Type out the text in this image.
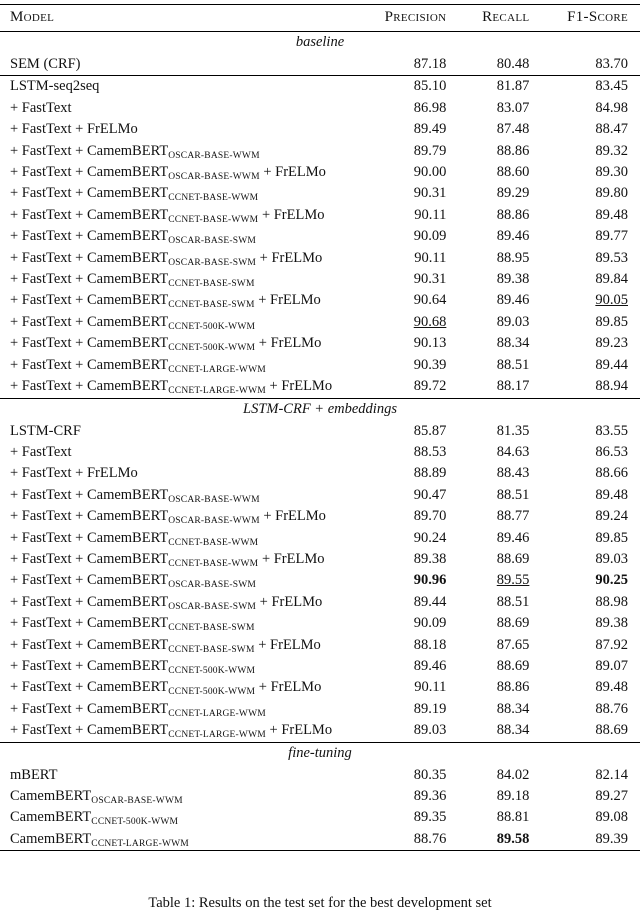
Model	Precision	Recall	F1-Score
baseline			
SEM (CRF)	87.18	80.48	83.70
LSTM-seq2seq	85.10	81.87	83.45
+ FastText	86.98	83.07	84.98
+ FastText + FrELMo	89.49	87.48	88.47
+ FastText + CamemBERT$_{OSCAR-BASE-WWM}$	89.79	88.86	89.32
+ FastText + CamemBERT$_{OSCAR-BASE-WWM}$ + FrELMo	90.00	88.60	89.30
+ FastText + CamemBERT$_{CCNET-BASE-WWM}$	90.31	89.29	89.80
+ FastText + CamemBERT$_{CCNET-BASE-WWM}$ + FrELMo	90.11	88.86	89.48
+ FastText + CamemBERT$_{OSCAR-BASE-SWM}$	90.09	89.46	89.77
+ FastText + CamemBERT$_{OSCAR-BASE-SWM}$ + FrELMo	90.11	88.95	89.53
+ FastText + CamemBERT$_{CCNET-BASE-SWM}$	90.31	89.38	89.84
+ FastText + CamemBERT$_{CCNET-BASE-SWM}$ + FrELMo	90.64	89.46	90.05
+ FastText + CamemBERT$_{CCNET-500K-WWM}$	90.68	89.03	89.85
+ FastText + CamemBERT$_{CCNET-500K-WWM}$ + FrELMo	90.13	88.34	89.23
+ FastText + CamemBERT$_{CCNET-LARGE-WWM}$	90.39	88.51	89.44
+ FastText + CamemBERT$_{CCNET-LARGE-WWM}$ + FrELMo	89.72	88.17	88.94
LSTM-CRF + embeddings			
LSTM-CRF	85.87	81.35	83.55
+ FastText	88.53	84.63	86.53
+ FastText + FrELMo	88.89	88.43	88.66
+ FastText + CamemBERT$_{OSCAR-BASE-WWM}$	90.47	88.51	89.48
+ FastText + CamemBERT$_{OSCAR-BASE-WWM}$ + FrELMo	89.70	88.77	89.24
+ FastText + CamemBERT$_{CCNET-BASE-WWM}$	90.24	89.46	89.85
+ FastText + CamemBERT$_{CCNET-BASE-WWM}$ + FrELMo	89.38	88.69	89.03
+ FastText + CamemBERT$_{OSCAR-BASE-SWM}$	90.96	89.55	90.25
+ FastText + CamemBERT$_{OSCAR-BASE-SWM}$ + FrELMo	89.44	88.51	88.98
+ FastText + CamemBERT$_{CCNET-BASE-SWM}$	90.09	88.69	89.38
+ FastText + CamemBERT$_{CCNET-BASE-SWM}$ + FrELMo	88.18	87.65	87.92
+ FastText + CamemBERT$_{CCNET-500K-WWM}$	89.46	88.69	89.07
+ FastText + CamemBERT$_{CCNET-500K-WWM}$ + FrELMo	90.11	88.86	89.48
+ FastText + CamemBERT$_{CCNET-LARGE-WWM}$	89.19	88.34	88.76
+ FastText + CamemBERT$_{CCNET-LARGE-WWM}$ + FrELMo	89.03	88.34	88.69
fine-tuning			
mBERT	80.35	84.02	82.14
CamemBERT$_{OSCAR-BASE-WWM}$	89.36	89.18	89.27
CamemBERT$_{CCNET-500K-WWM}$	89.35	88.81	89.08
CamemBERT$_{CCNET-LARGE-WWM}$	88.76	89.58	89.39
Table 1: Results on the test set for the best development set
